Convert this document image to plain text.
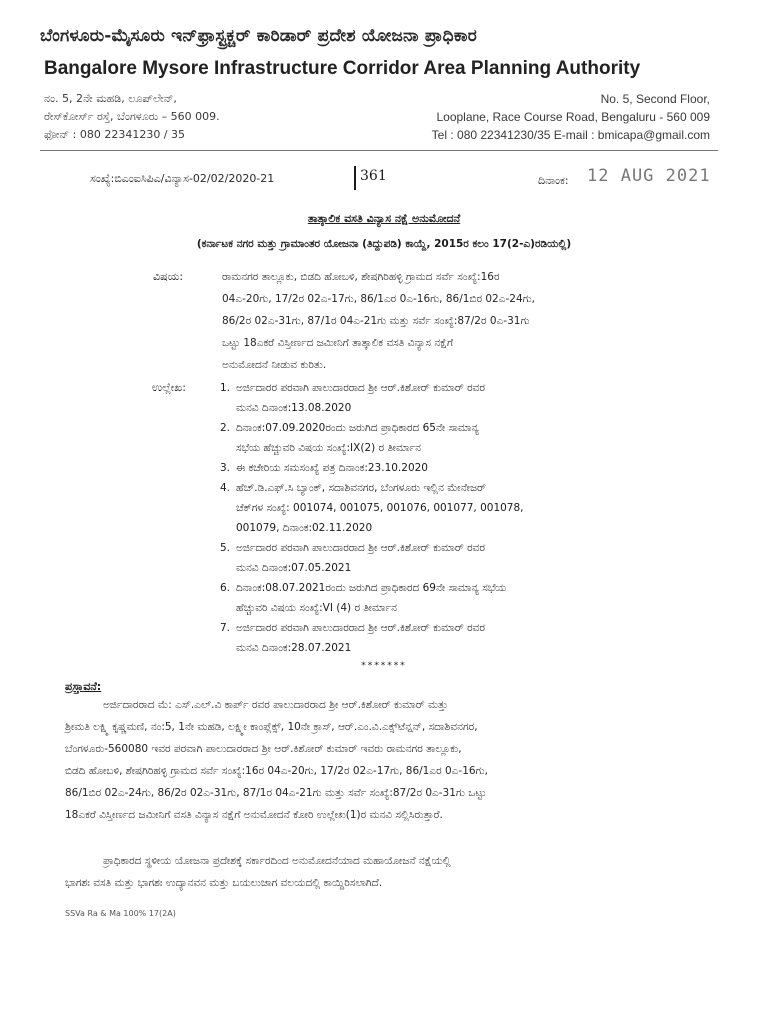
ಬೆಂಗಳೂರು-ಮೈಸೂರು ಇನ್‌ಫ್ರಾಸ್ಟ್ರಕ್ಚರ್ ಕಾರಿಡಾರ್ ಪ್ರದೇಶ ಯೋಜನಾ ಪ್ರಾಧಿಕಾರ
Bangalore Mysore Infrastructure Corridor Area Planning Authority
ನಂ. 5, 2ನೇ ಮಹಡಿ, ಲೂಪ್‌ಲೇನ್,
ರೇಸ್‌ಕೋರ್ಸ್ ರಸ್ತೆ, ಬೆಂಗಳೂರು – 560 009.
ಫೋನ್ : 080 22341230 / 35
No. 5, Second Floor,
Looplane, Race Course Road, Bengaluru - 560 009
Tel : 080 22341230/35 E-mail : bmicapa@gmail.com
ಸಂಖ್ಯೆ:ಬಿಎಂಐಸಿಪಿಎ/ವಿನ್ಯಾಸ-02/02/2020-21	361	ದಿನಾಂಕ: 12 AUG 2021
ತಾತ್ಕಾಲಿಕ ವಸತಿ ವಿನ್ಯಾಸ ನಕ್ಷೆ ಅನುಮೋದನೆ
(ಕರ್ನಾಟಕ ನಗರ ಮತ್ತು ಗ್ರಾಮಾಂತರ ಯೋಜನಾ (ತಿದ್ದುಪಡಿ) ಕಾಯ್ದೆ, 2015ರ ಕಲಂ 17(2-ಎ)ರಡಿಯಲ್ಲಿ)
ವಿಷಯ:	ರಾಮನಗರ ತಾಲ್ಲೂಕು, ಬಿಡದಿ ಹೋಬಳಿ, ಶೇಷಗಿರಿಹಳ್ಳಿ ಗ್ರಾಮದ ಸರ್ವೆ ಸಂಖ್ಯೆ:16ರ

04ಎ-20ಗು, 17/2ರ 02ಎ-17ಗು, 86/1ಎರ 0ಎ-16ಗು, 86/1ಬಿರ 02ಎ-24ಗು,

86/2ರ 02ಎ-31ಗು, 87/1ರ 04ಎ-21ಗು ಮತ್ತು ಸರ್ವೆ ಸಂಖ್ಯೆ:87/2ರ 0ಎ-31ಗು

ಒಟ್ಟು 18ಎಕರೆ ವಿಸ್ತೀರ್ಣದ ಜಮೀನಿಗೆ ತಾತ್ಕಾಲಿಕ ವಸತಿ ವಿನ್ಯಾಸ ನಕ್ಷೆಗೆ

ಅನುಮೋದನೆ ನೀಡುವ ಕುರಿತು.

ಉಲ್ಲೇಖ:	1. ಅರ್ಜಿದಾರರ ಪರವಾಗಿ ಪಾಲುದಾರರಾದ ಶ್ರೀ ಆರ್.ಕಿಶೋರ್ ಕುಮಾರ್ ರವರ
ಮನವಿ ದಿನಾಂಕ:13.08.2020
2. ದಿನಾಂಕ:07.09.2020ರಂದು ಜರುಗಿದ ಪ್ರಾಧಿಕಾರದ 65ನೇ ಸಾಮಾನ್ಯ
ಸಭೆಯ ಹೆಚ್ಚುವರಿ ವಿಷಯ ಸಂಖ್ಯೆ:IX(2) ರ ತೀರ್ಮಾನ
3. ಈ ಕಚೇರಿಯ ಸಮಸಂಖ್ಯೆ ಪತ್ರ ದಿನಾಂಕ:23.10.2020
4. ಹೆಚ್.ಡಿ.ಎಫ್.ಸಿ ಬ್ಯಾಂಕ್, ಸದಾಶಿವನಗರ, ಬೆಂಗಳೂರು ಇಲ್ಲಿನ ಮೇನೇಜರ್‌
ಚೆಕ್‌ಗಳ ಸಂಖ್ಯೆ: 001074, 001075, 001076, 001077, 001078,
001079, ದಿನಾಂಕ:02.11.2020
5. ಅರ್ಜಿದಾರರ ಪರವಾಗಿ ಪಾಲುದಾರರಾದ ಶ್ರೀ ಆರ್.ಕಿಶೋರ್ ಕುಮಾರ್ ರವರ
ಮನವಿ ದಿನಾಂಕ:07.05.2021
6. ದಿನಾಂಕ:08.07.2021ರಂದು ಜರುಗಿದ ಪ್ರಾಧಿಕಾರದ 69ನೇ ಸಾಮಾನ್ಯ ಸಭೆಯ
ಹೆಚ್ಚುವರಿ ವಿಷಯ ಸಂಖ್ಯೆ:VI (4) ರ ತೀರ್ಮಾನ
7. ಅರ್ಜಿದಾರರ ಪರವಾಗಿ ಪಾಲುದಾರರಾದ ಶ್ರೀ ಆರ್.ಕಿಶೋರ್ ಕುಮಾರ್ ರವರ
ಮನವಿ ದಿನಾಂಕ:28.07.2021
*******
ಪ್ರಸ್ತಾವನೆ:

ಅರ್ಜಿದಾರರಾದ ಮೆ: ಎಸ್.ಎಲ್.ವಿ ಕಾರ್ಪ್ ರವರ ಪಾಲುದಾರರಾದ ಶ್ರೀ ಆರ್.ಕಿಶೋರ್ ಕುಮಾರ್ ಮತ್ತು

ಶ್ರೀಮತಿ ಲಕ್ಷ್ಮಿ ಕೃಷ್ಣಮಣಿ, ನಂ:5, 1ನೇ ಮಹಡಿ, ಲಕ್ಷ್ಮೀ ಕಾಂಪ್ಲೆಕ್ಸ್, 10ನೇ ಕ್ರಾಸ್, ಆರ್.ಎಂ.ವಿ.ಎಕ್ಸ್‌ಟೆನ್ಷನ್, ಸದಾಶಿವನಗರ,

ಬೆಂಗಳೂರು-560080 ಇವರ ಪರವಾಗಿ ಪಾಲುದಾರರಾದ ಶ್ರೀ ಆರ್.ಕಿಶೋರ್ ಕುಮಾರ್ ಇವರು ರಾಮನಗರ ತಾಲ್ಲೂಕು,

ಬಿಡದಿ ಹೋಬಳಿ, ಶೇಷಗಿರಿಹಳ್ಳಿ ಗ್ರಾಮದ ಸರ್ವೆ ಸಂಖ್ಯೆ:16ರ 04ಎ-20ಗು, 17/2ರ 02ಎ-17ಗು, 86/1ಎರ 0ಎ-16ಗು,

86/1ಬಿರ 02ಎ-24ಗು, 86/2ರ 02ಎ-31ಗು, 87/1ರ 04ಎ-21ಗು ಮತ್ತು ಸರ್ವೆ ಸಂಖ್ಯೆ:87/2ರ 0ಎ-31ಗು ಒಟ್ಟು

18ಎಕರೆ ವಿಸ್ತೀರ್ಣದ ಜಮೀನಿಗೆ ವಸತಿ ವಿನ್ಯಾಸ ನಕ್ಷೆಗೆ ಅನುಮೋದನೆ ಕೋರಿ ಉಲ್ಲೇಖ(1)ರ ಮನವಿ ಸಲ್ಲಿಸಿರುತ್ತಾರೆ.

ಪ್ರಾಧಿಕಾರದ ಸ್ಥಳೀಯ ಯೋಜನಾ ಪ್ರದೇಶಕ್ಕೆ ಸರ್ಕಾರದಿಂದ ಅನುಮೋದನೆಯಾದ ಮಹಾಯೋಜನೆ ನಕ್ಷೆಯಲ್ಲಿ

ಭಾಗಶಃ ವಸತಿ ಮತ್ತು ಭಾಗಶಃ ಉದ್ಯಾನವನ ಮತ್ತು ಬಯಲುಜಾಗ ವಲಯದಲ್ಲಿ ಕಾಯ್ದಿರಿಸಲಾಗಿದೆ.

SSVa Ra & Ma 100% 17(2A)
